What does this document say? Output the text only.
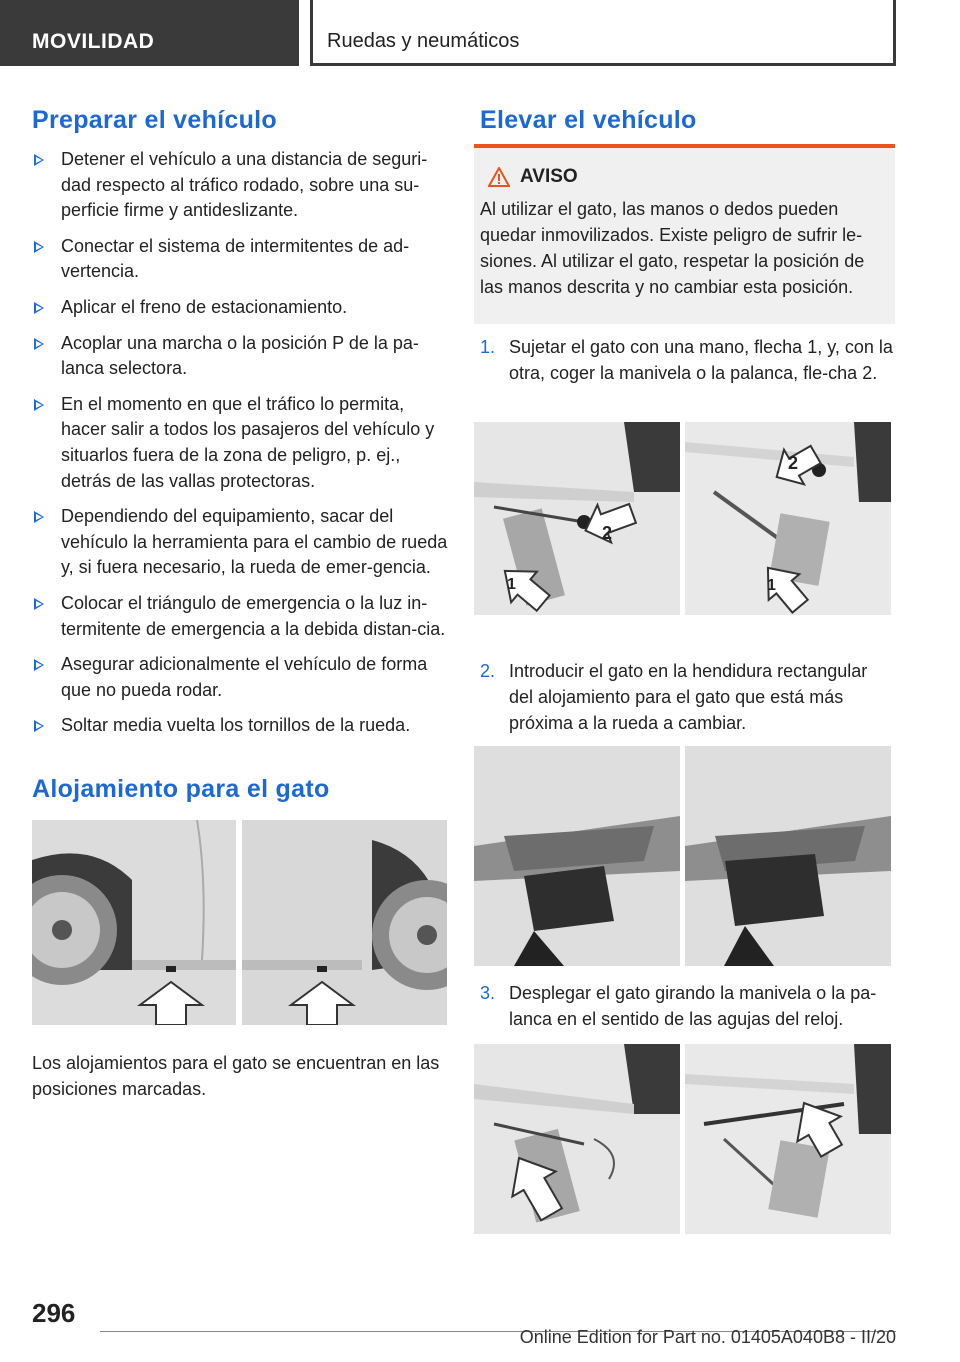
MOVILIDAD	Ruedas y neumáticos
Preparar el vehículo
Detener el vehículo a una distancia de seguri-dad respecto al tráfico rodado, sobre una su-perficie firme y antideslizante.
Conectar el sistema de intermitentes de ad-vertencia.
Aplicar el freno de estacionamiento.
Acoplar una marcha o la posición P de la pa-lanca selectora.
En el momento en que el tráfico lo permita, hacer salir a todos los pasajeros del vehículo y situarlos fuera de la zona de peligro, p. ej., detrás de las vallas protectoras.
Dependiendo del equipamiento, sacar del vehículo la herramienta para el cambio de rueda y, si fuera necesario, la rueda de emer-gencia.
Colocar el triángulo de emergencia o la luz in-termitente de emergencia a la debida distan-cia.
Asegurar adicionalmente el vehículo de forma que no pueda rodar.
Soltar media vuelta los tornillos de la rueda.
Alojamiento para el gato
Los alojamientos para el gato se encuentran en las posiciones marcadas.
Elevar el vehículo
AVISO
Al utilizar el gato, las manos o dedos pueden quedar inmovilizados. Existe peligro de sufrir le-siones. Al utilizar el gato, respetar la posición de las manos descrita y no cambiar esta posición.
1. Sujetar el gato con una mano, flecha 1, y, con la otra, coger la manivela o la palanca, fle-cha 2.
2
1
2
1
2. Introducir el gato en la hendidura rectangular del alojamiento para el gato que está más próxima a la rueda a cambiar.
3. Desplegar el gato girando la manivela o la pa-lanca en el sentido de las agujas del reloj.
296
Online Edition for Part no. 01405A040B8 - II/20
